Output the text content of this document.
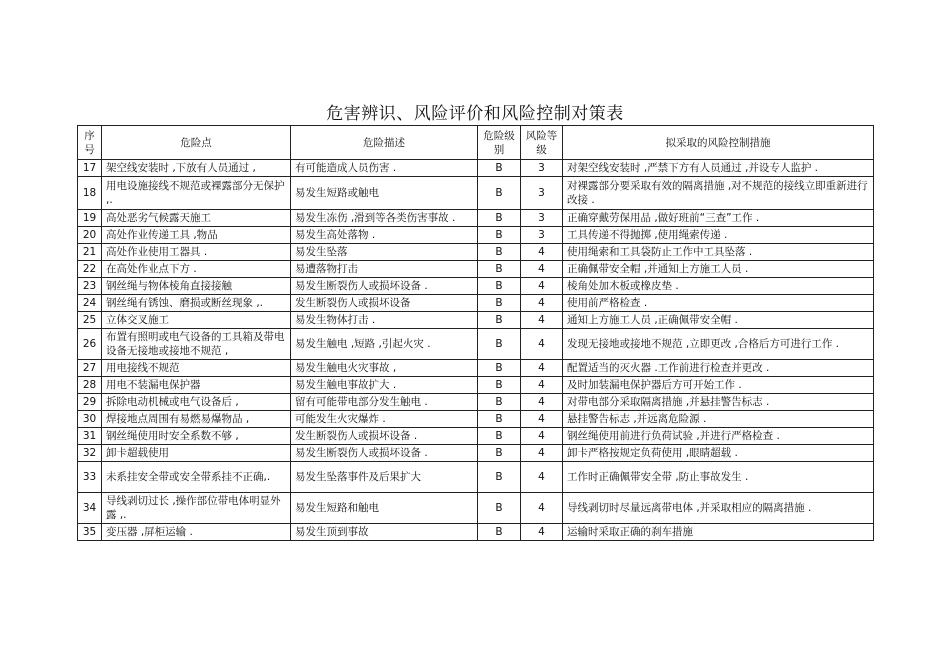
危害辨识、风险评价和风险控制对策表
序号	危险点	危险描述	危险级别	风险等级	拟采取的风险控制措施
17	架空线安装时 ,下放有人员通过 ,	有可能造成人员伤害 .	B	3	对架空线安装时 ,严禁下方有人员通过 ,并设专人监护 .
18	用电设施接线不规范或裸露部分无保护 ,.	易发生短路或触电	B	3	对裸露部分要采取有效的隔离措施 ,对不规范的接线立即重新进行改接 .
19	高处恶劣气候露天施工	易发生冻伤 ,滑到等各类伤害事故 .	B	3	正确穿戴劳保用品 ,做好班前“三查”工作 .
20	高处作业传递工具 ,物品	易发生高处落物 .	B	3	工具传递不得抛掷 ,使用绳索传递 .
21	高处作业使用工器具 .	易发生坠落	B	4	使用绳索和工具袋防止工作中工具坠落 .
22	在高处作业点下方 .	易遭落物打击	B	4	正确佩带安全帽 ,并通知上方施工人员 .
23	钢丝绳与物体棱角直接接触	易发生断裂伤人或损坏设备 .	B	4	棱角处加木板或橡皮垫 .
24	钢丝绳有锈蚀、磨损或断丝现象 ,.	发生断裂伤人或损坏设备	B	4	使用前严格检查 .
25	立体交叉施工	易发生物体打击 .	B	4	通知上方施工人员 ,正确佩带安全帽 .
26	布置有照明或电气设备的工具箱及带电设备无接地或接地不规范 ,	易发生触电 ,短路 ,引起火灾 .	B	4	发现无接地或接地不规范 ,立即更改 ,合格后方可进行工作 .
27	用电接线不规范	易发生触电火灾事故 ,	B	4	配置适当的灭火器 .工作前进行检查并更改 .
28	用电不装漏电保护器	易发生触电事故扩大 .	B	4	及时加装漏电保护器后方可开始工作 .
29	拆除电动机械或电气设备后 ,	留有可能带电部分发生触电 .	B	4	对带电部分采取隔离措施 ,并悬挂警告标志 .
30	焊接地点周围有易燃易爆物品 ,	可能发生火灾爆炸 .	B	4	悬挂警告标志 ,并远离危险源 .
31	钢丝绳使用时安全系数不够 ,	发生断裂伤人或损坏设备 .	B	4	钢丝绳使用前进行负荷试验 ,并进行严格检查 .
32	卸卡超载使用	易发生断裂伤人或损坏设备 .	B	4	卸卡严格按规定负荷使用 ,眼睛超载 .
33	未系挂安全带或安全带系挂不正确,.	易发生坠落事件及后果扩大	B	4	工作时正确佩带安全带 ,防止事故发生 .
34	导线剥切过长 ,操作部位带电体明显外露 ,.	易发生短路和触电	B	4	导线剥切时尽量远离带电体 ,并采取相应的隔离措施 .
35	变压器 ,屏柜运输 .	易发生顶到事故	B	4	运输时采取正确的刹车措施
